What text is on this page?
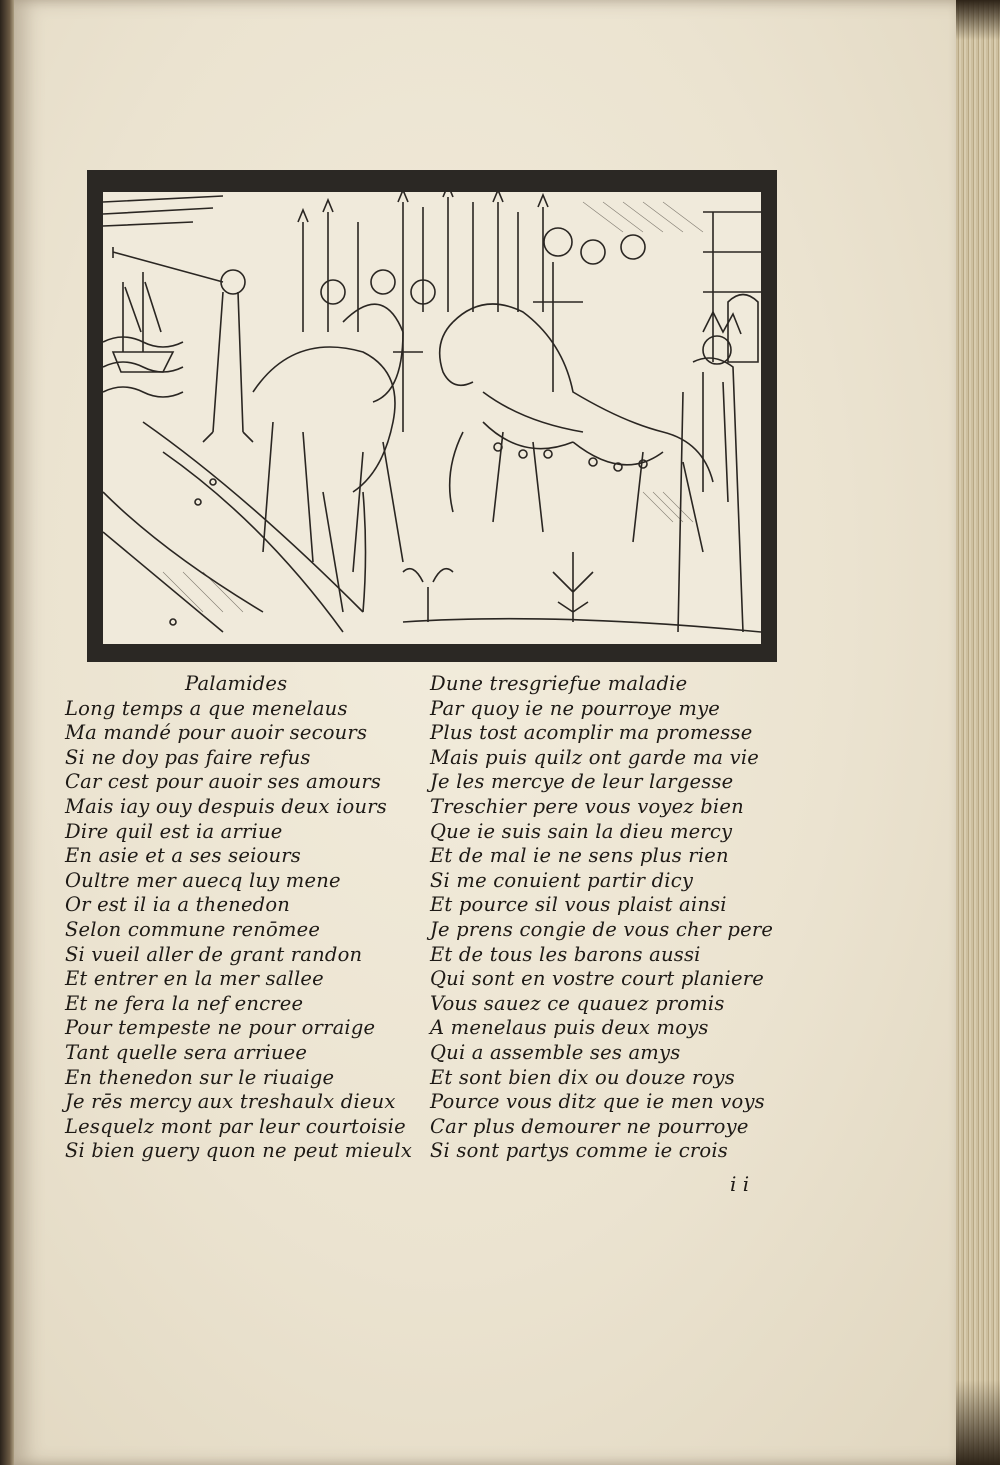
Palamides
Long temps a que menelaus
Ma mandé pour auoir secours
Si ne doy pas faire refus
Car cest pour auoir ses amours
Mais iay ouy despuis deux iours
Dire quil est ia arriue
En asie et a ses seiours
Oultre mer auecq luy mene
Or est il ia a thenedon
Selon commune renōmee
Si vueil aller de grant randon
Et entrer en la mer sallee
Et ne fera la nef encree
Pour tempeste ne pour orraige
Tant quelle sera arriuee
En thenedon sur le riuaige
Je rēs mercy aux treshaulx dieux
Lesquelz mont par leur courtoisie
Si bien guery quon ne peut mieulx
Dune tresgriefue maladie
Par quoy ie ne pourroye mye
Plus tost acomplir ma promesse
Mais puis quilz ont garde ma vie
Je les mercye de leur largesse
Treschier pere vous voyez bien
Que ie suis sain la dieu mercy
Et de mal ie ne sens plus rien
Si me conuient partir dicy
Et pource sil vous plaist ainsi
Je prens congie de vous cher pere
Et de tous les barons aussi
Qui sont en vostre court planiere
Vous sauez ce quauez promis
A menelaus puis deux moys
Qui a assemble ses amys
Et sont bien dix ou douze roys
Pource vous ditz que ie men voys
Car plus demourer ne pourroye
Si sont partys comme ie crois
i i
